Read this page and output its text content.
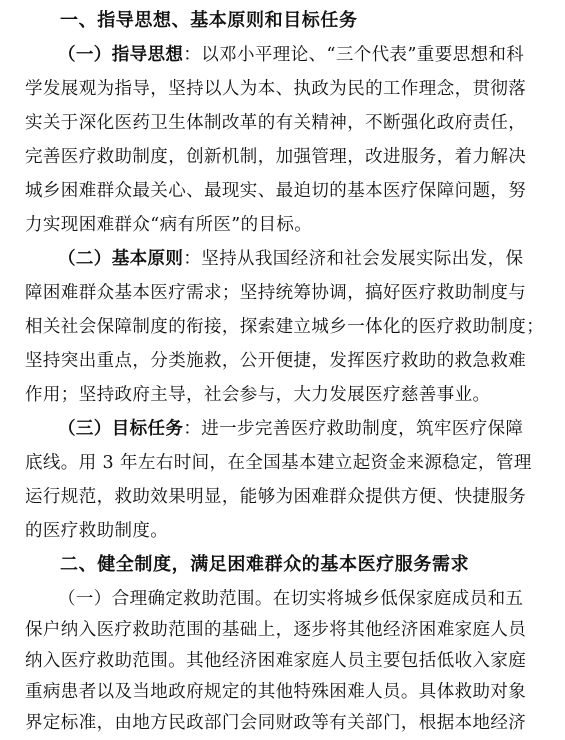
一、指导思想、基本原则和目标任务
（一）指导思想：以邓小平理论、“三个代表”重要思想和科
学发展观为指导，坚持以人为本、执政为民的工作理念，贯彻落
实关于深化医药卫生体制改革的有关精神，不断强化政府责任，
完善医疗救助制度，创新机制，加强管理，改进服务，着力解决
城乡困难群众最关心、最现实、最迫切的基本医疗保障问题，努
力实现困难群众“病有所医”的目标。
（二）基本原则：坚持从我国经济和社会发展实际出发，保
障困难群众基本医疗需求；坚持统筹协调，搞好医疗救助制度与
相关社会保障制度的衔接，探索建立城乡一体化的医疗救助制度；
坚持突出重点，分类施救，公开便捷，发挥医疗救助的救急救难
作用；坚持政府主导，社会参与，大力发展医疗慈善事业。
（三）目标任务：进一步完善医疗救助制度，筑牢医疗保障
底线。用 3 年左右时间，在全国基本建立起资金来源稳定，管理
运行规范，救助效果明显，能够为困难群众提供方便、快捷服务
的医疗救助制度。
二、健全制度，满足困难群众的基本医疗服务需求
（一）合理确定救助范围。在切实将城乡低保家庭成员和五
保户纳入医疗救助范围的基础上，逐步将其他经济困难家庭人员
纳入医疗救助范围。其他经济困难家庭人员主要包括低收入家庭
重病患者以及当地政府规定的其他特殊困难人员。具体救助对象
界定标准，由地方民政部门会同财政等有关部门，根据本地经济
